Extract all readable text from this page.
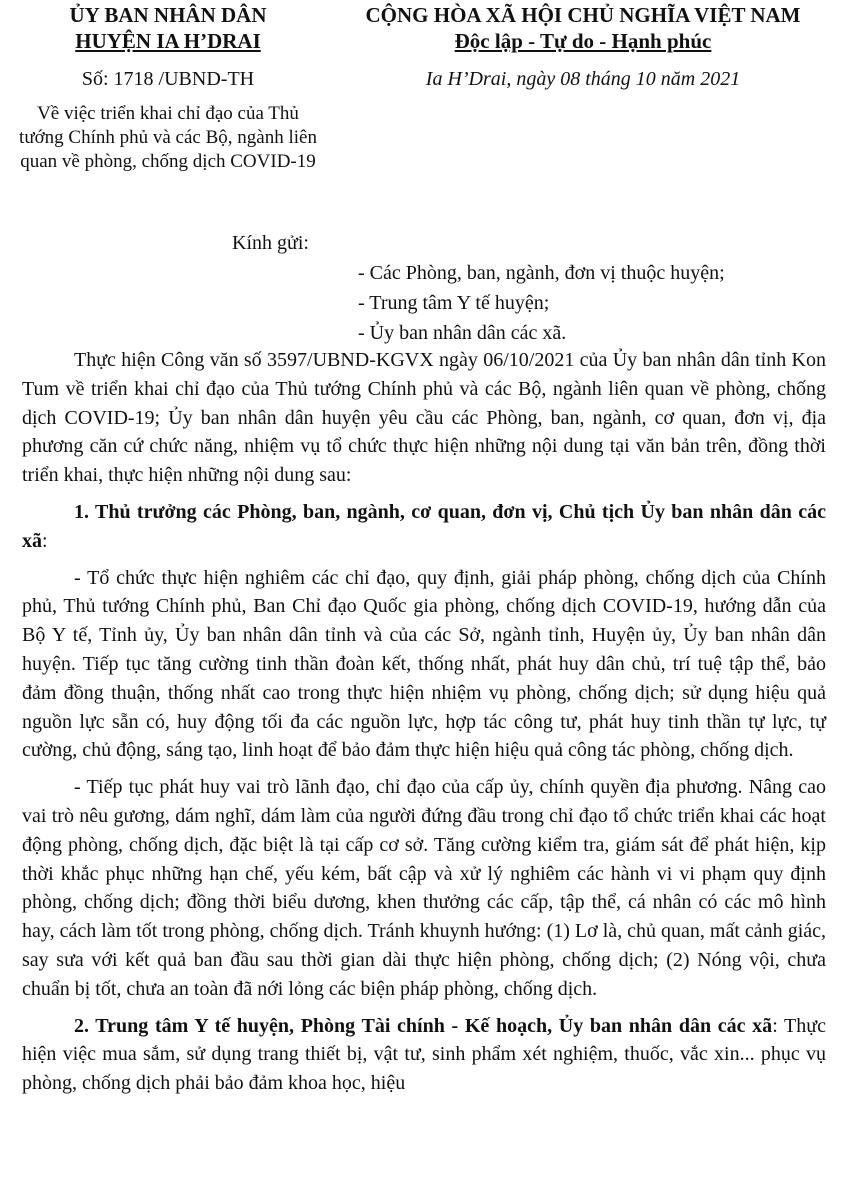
ỦY BAN NHÂN DÂN
HUYỆN IA H’DRAI
Số: 1718 /UBND-TH
Về việc triển khai chỉ đạo của Thủ tướng Chính phủ và các Bộ, ngành liên quan về phòng, chống dịch COVID-19
CỘNG HÒA XÃ HỘI CHỦ NGHĨA VIỆT NAM
Độc lập - Tự do - Hạnh phúc
Ia H’Drai, ngày 08 tháng 10 năm 2021
Kính gửi:
- Các Phòng, ban, ngành, đơn vị thuộc huyện;
- Trung tâm Y tế huyện;
- Ủy ban nhân dân các xã.

Thực hiện Công văn số 3597/UBND-KGVX ngày 06/10/2021 của Ủy ban nhân dân tỉnh Kon Tum về triển khai chỉ đạo của Thủ tướng Chính phủ và các Bộ, ngành liên quan về phòng, chống dịch COVID-19; Ủy ban nhân dân huyện yêu cầu các Phòng, ban, ngành, cơ quan, đơn vị, địa phương căn cứ chức năng, nhiệm vụ tổ chức thực hiện những nội dung tại văn bản trên, đồng thời triển khai, thực hiện những nội dung sau:

1. Thủ trưởng các Phòng, ban, ngành, cơ quan, đơn vị, Chủ tịch Ủy ban nhân dân các xã:

- Tổ chức thực hiện nghiêm các chỉ đạo, quy định, giải pháp phòng, chống dịch của Chính phủ, Thủ tướng Chính phủ, Ban Chỉ đạo Quốc gia phòng, chống dịch COVID-19, hướng dẫn của Bộ Y tế, Tỉnh ủy, Ủy ban nhân dân tỉnh và của các Sở, ngành tỉnh, Huyện ủy, Ủy ban nhân dân huyện. Tiếp tục tăng cường tinh thần đoàn kết, thống nhất, phát huy dân chủ, trí tuệ tập thể, bảo đảm đồng thuận, thống nhất cao trong thực hiện nhiệm vụ phòng, chống dịch; sử dụng hiệu quả nguồn lực sẵn có, huy động tối đa các nguồn lực, hợp tác công tư, phát huy tinh thần tự lực, tự cường, chủ động, sáng tạo, linh hoạt để bảo đảm thực hiện hiệu quả công tác phòng, chống dịch.

- Tiếp tục phát huy vai trò lãnh đạo, chỉ đạo của cấp ủy, chính quyền địa phương. Nâng cao vai trò nêu gương, dám nghĩ, dám làm của người đứng đầu trong chỉ đạo tổ chức triển khai các hoạt động phòng, chống dịch, đặc biệt là tại cấp cơ sở. Tăng cường kiểm tra, giám sát để phát hiện, kịp thời khắc phục những hạn chế, yếu kém, bất cập và xử lý nghiêm các hành vi vi phạm quy định phòng, chống dịch; đồng thời biểu dương, khen thưởng các cấp, tập thể, cá nhân có các mô hình hay, cách làm tốt trong phòng, chống dịch. Tránh khuynh hướng: (1) Lơ là, chủ quan, mất cảnh giác, say sưa với kết quả ban đầu sau thời gian dài thực hiện phòng, chống dịch; (2) Nóng vội, chưa chuẩn bị tốt, chưa an toàn đã nới lỏng các biện pháp phòng, chống dịch.

2. Trung tâm Y tế huyện, Phòng Tài chính - Kế hoạch, Ủy ban nhân dân các xã: Thực hiện việc mua sắm, sử dụng trang thiết bị, vật tư, sinh phẩm xét nghiệm, thuốc, vắc xin... phục vụ phòng, chống dịch phải bảo đảm khoa học, hiệu
